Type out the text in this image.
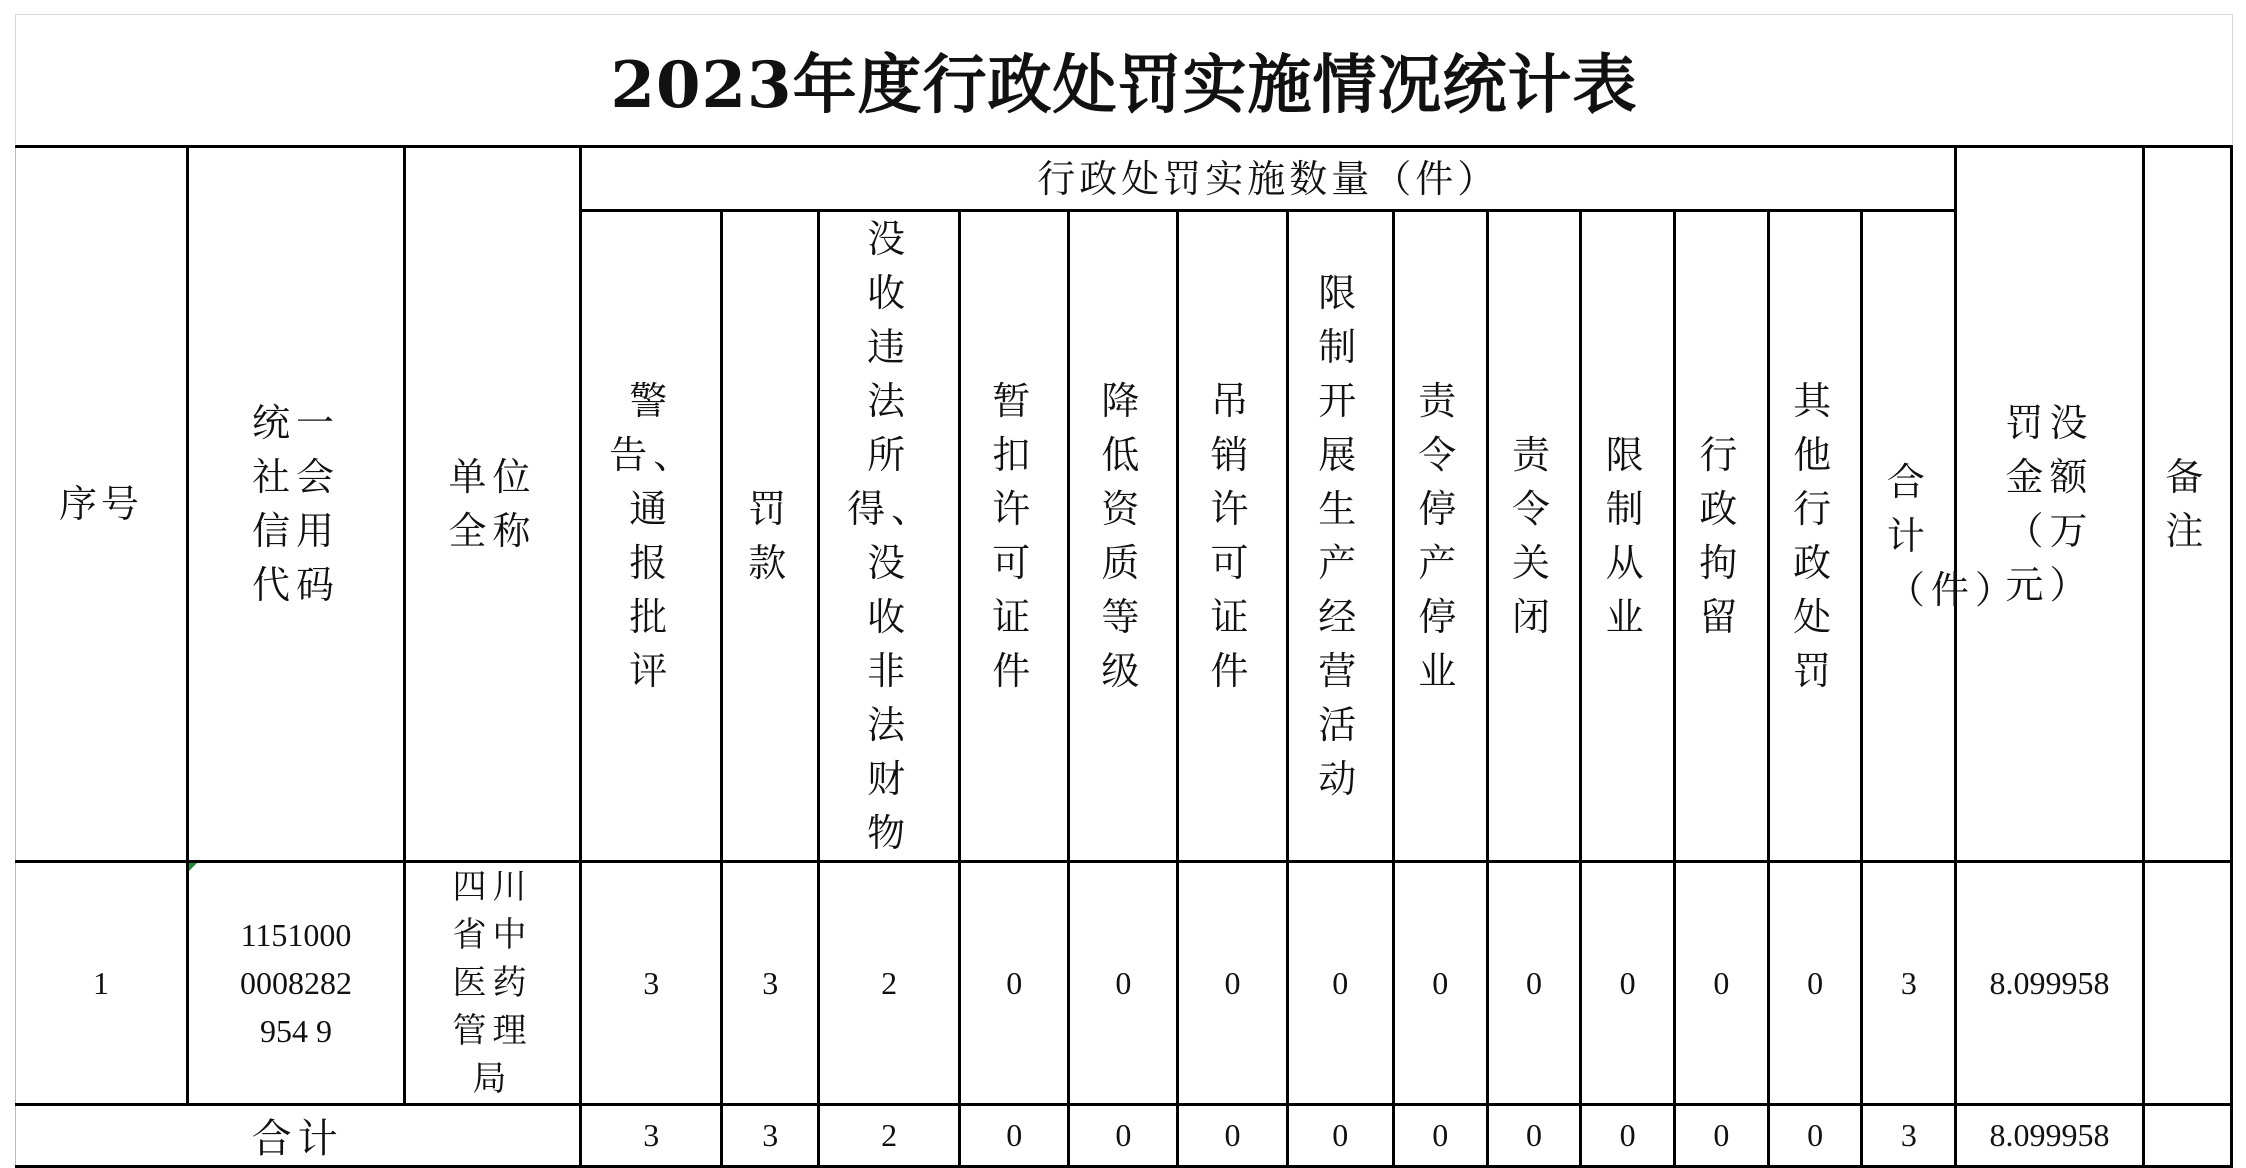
2023年度行政处罚实施情况统计表
序号	统一社会信用代码	单位全称	行政处罚实施数量（件）													罚没金额（万元）	备注
			警告、通报批评	罚款	没收违法所得、没收非法财物	暂扣许可证件	降低资质等级	吊销许可证件	限制开展生产经营活动	责令停产停业	责令关闭	限制从业	行政拘留	其他行政处罚	合计（件）		
1	11510000008282954 9	四川省中医药管理局	3	3	2	0	0	0	0	0	0	0	0	0	3	8.099958	
合计			3	3	2	0	0	0	0	0	0	0	0	0	3	8.099958	
